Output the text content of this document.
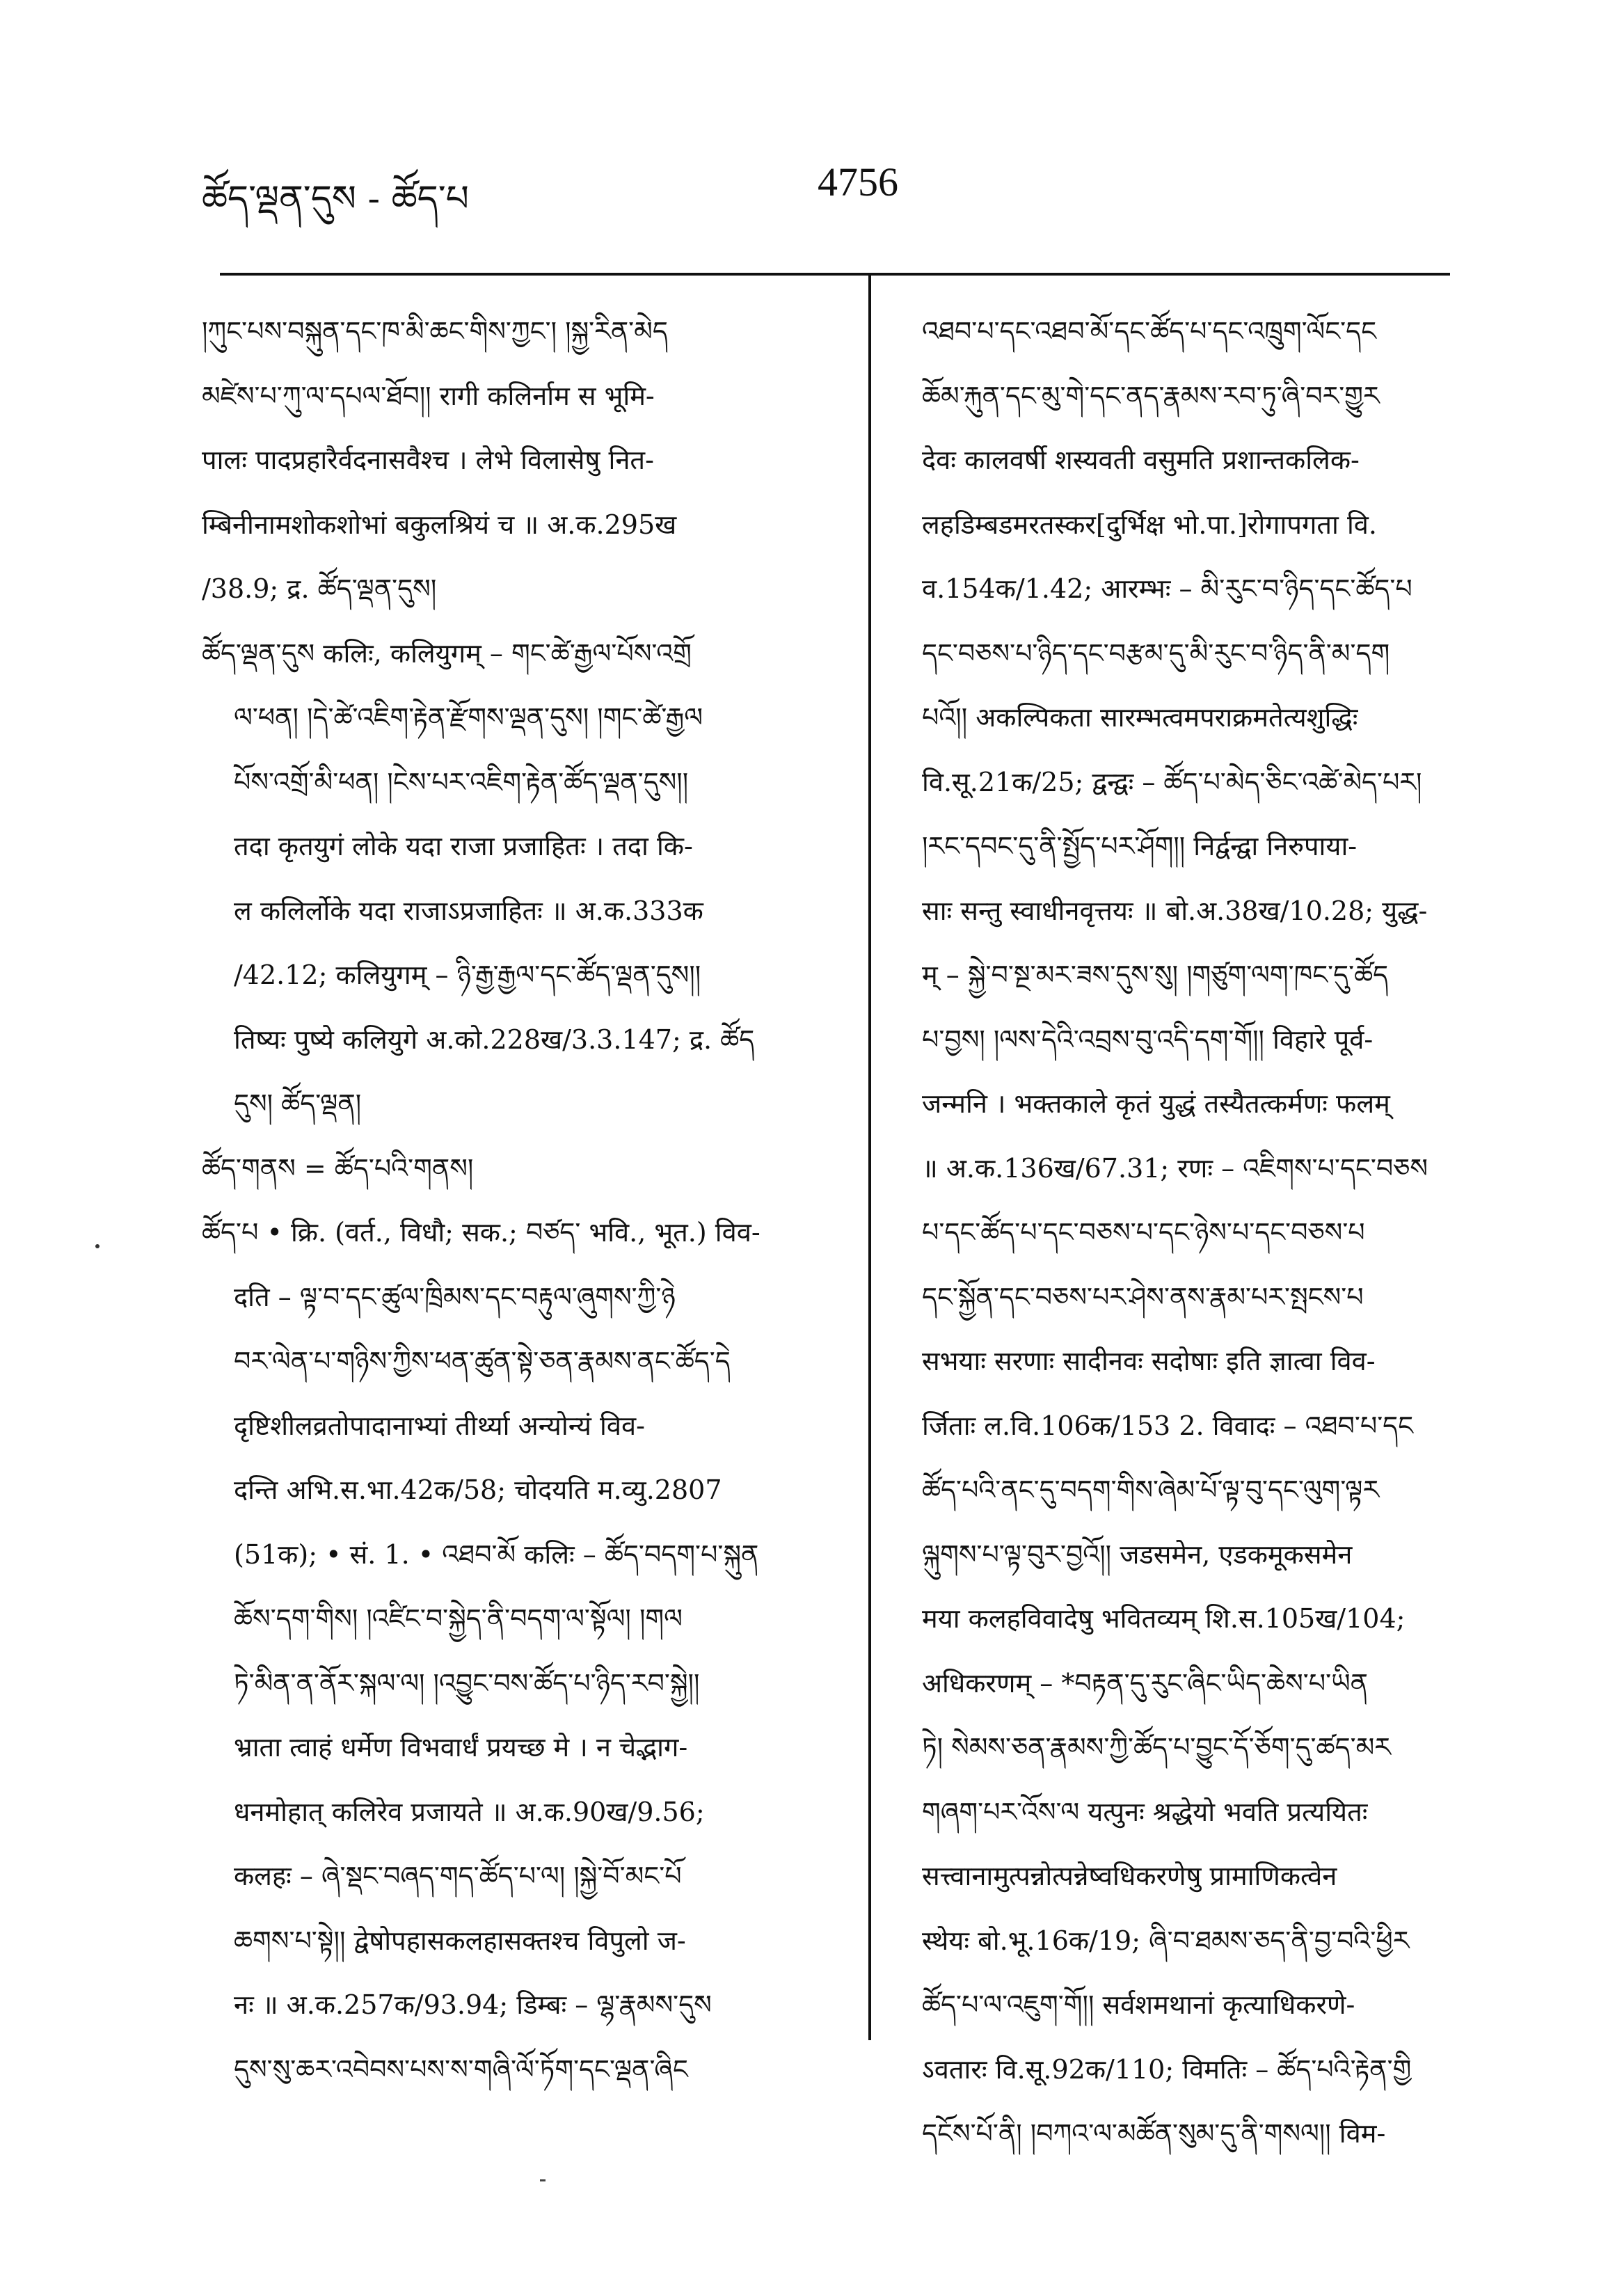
ཚོད་ལྡན་དུས - ཚོད་པ	4756
།ཀུང་པས་བསྐུན་དང་ཁ་མི་ཆང་གིས་ཀྱང་། །སྐྱ་རིན་མེད
མཛེས་པ་ཀུ་ལ་དཔལ་ཐོབ།། रागी कलिर्नाम स भूमि-
पालः पादप्रहारैर्वदनासवैश्च । लेभे विलासेषु नित-
म्बिनीनामशोकशोभां बकुलश्रियं च ॥ अ.क.295ख
/38.9; द्र. ཚོད་ལྡན་དུས།
ཚོད་ལྡན་དུས कलिः, कलियुगम् – གང་ཚེ་རྒྱལ་པོས་འགྲོ
ལ་ཕན། །དེ་ཚེ་འཇིག་རྟེན་རྫོགས་ལྡན་དུས། །གང་ཚེ་རྒྱལ
པོས་འགྲོ་མི་ཕན། །ངེས་པར་འཇིག་རྟེན་ཚོད་ལྡན་དུས།།
तदा कृतयुगं लोके यदा राजा प्रजाहितः । तदा कि-
ल कलिर्लोके यदा राजाऽप्रजाहितः ॥ अ.क.333क
/42.12; कलियुगम् – ཉི་རྒྱ་རྒྱལ་དང་ཚོད་ལྡན་དུས།།
तिष्यः पुष्ये कलियुगे अ.को.228ख/3.3.147; द्र. ཚོད
དུས། ཚོད་ལྡན།
ཚོད་གནས = ཚོད་པའི་གནས།
ཚོད་པ • क्रि. (वर्त., विधौ; सक.; བཙད་ भवि., भूत.) विव-
दति – ལྟ་བ་དང་ཚུལ་ཁྲིམས་དང་བརྟུལ་ཞུགས་ཀྱི་ཉེ
བར་ལེན་པ་གཉིས་ཀྱིས་ཕན་ཚུན་སྟེ་ཅན་རྣམས་ནང་ཚོད་དེ
दृष्टिशीलव्रतोपादानाभ्यां तीर्थ्या अन्योन्यं विव-
दन्ति अभि.स.भा.42क/58; चोदयति म.व्यु.2807
(51क); • सं. 1. • འཐབ་མོ कलिः – ཚོད་བདག་པ་སྐུན
ཆོས་དག་གིས། །འཛིང་བ་སྐྱེད་ནི་བདག་ལ་སྟོལ། །གལ
ཏེ་མིན་ན་ནོར་སྐལ་ལ། །འབྱུང་བས་ཚོད་པ་ཉིད་རབ་སྐྱེ།།
भ्राता त्वाहं धर्मेण विभवार्धं प्रयच्छ मे । न चेद्भाग-
धनमोहात् कलिरेव प्रजायते ॥ अ.क.90ख/9.56;
कलहः – ཞེ་སྡང་བཞད་གད་ཚོད་པ་ལ། །སྐྱེ་བོ་མང་པོ
ཆགས་པ་སྟེ།། द्वेषोपहासकलहासक्तश्च विपुलो ज-
नः ॥ अ.क.257क/93.94; डिम्बः – ལྷ་རྣམས་དུས
དུས་སུ་ཆར་འབེབས་པས་ས་གཞི་ལོ་ཏོག་དང་ལྡན་ཞིང
འཐབ་པ་དང་འཐབ་མོ་དང་ཚོད་པ་དང་འཁྲུག་ལོང་དང
ཆོམ་རྐུན་དང་མུ་གེ་དང་ནད་རྣམས་རབ་ཏུ་ཞི་བར་གྱུར
देवः कालवर्षी शस्यवती वसुमति प्रशान्तकलिक-
लहडिम्बडमरतस्कर[दुर्भिक्ष भो.पा.]रोगापगता वि.
व.154क/1.42; आरम्भः – མི་རུང་བ་ཉིད་དང་ཚོད་པ
དང་བཅས་པ་ཉིད་དང་བརྩམ་དུ་མི་རུང་བ་ཉིད་ནི་མ་དག
པའོ།། अकल्पिकता सारम्भत्वमपराक्रमतेत्यशुद्धिः
वि.सू.21क/25; द्वन्द्वः – ཚོད་པ་མེད་ཅིང་འཚེ་མེད་པར།
།རང་དབང་དུ་ནི་སྤྱོད་པར་ཤོག།། निर्द्वन्द्वा निरुपाया-
साः सन्तु स्वाधीनवृत्तयः ॥ बो.अ.38ख/10.28; युद्ध-
म् – སྐྱེ་བ་སྔ་མར་ཟས་དུས་སུ། །གཙུག་ལག་ཁང་དུ་ཚོད
པ་བྱས། །ལས་དེའི་འབྲས་བུ་འདི་དག་གོ།། विहारे पूर्व-
जन्मनि । भक्तकाले कृतं युद्धं तस्यैतत्कर्मणः फलम्
॥ अ.क.136ख/67.31; रणः – འཇིགས་པ་དང་བཅས
པ་དང་ཚོད་པ་དང་བཅས་པ་དང་ཉེས་པ་དང་བཅས་པ
དང་སྐྱོན་དང་བཅས་པར་ཤེས་ནས་རྣམ་པར་སྤངས་པ
सभयाः सरणाः सादीनवः सदोषाः इति ज्ञात्वा विव-
र्जिताः ल.वि.106क/153 2. विवादः – འཐབ་པ་དང
ཚོད་པའི་ནང་དུ་བདག་གིས་ཞེམ་པོ་ལྟ་བུ་དང་ལུག་ལྟར
ལྐུགས་པ་ལྟ་བུར་བྱའོ།། जडसमेन, एडकमूकसमेन
मया कलहविवादेषु भवितव्यम् शि.स.105ख/104;
अधिकरणम् – *བརྟན་དུ་རུང་ཞིང་ཡིད་ཆེས་པ་ཡིན
ཏེ། སེམས་ཅན་རྣམས་ཀྱི་ཚོད་པ་བྱུང་དོ་ཅོག་དུ་ཚད་མར
གཞག་པར་འོས་ལ यत्पुनः श्रद्धेयो भवति प्रत्ययितः
सत्त्वानामुत्पन्नोत्पन्नेष्वधिकरणेषु प्रामाणिकत्वेन
स्थेयः बो.भू.16क/19; ཞི་བ་ཐམས་ཅད་ནི་བྱ་བའི་ཕྱིར
ཚོད་པ་ལ་འཇུག་གོ།། सर्वशमथानां कृत्याधिकरणे-
ऽवतारः वि.सू.92क/110; विमतिः – ཚོད་པའི་རྟེན་གྱི
དངོས་པོ་ནི། །བཀའ་ལ་མཚོན་སུམ་དུ་ནི་གསལ།། विम-
